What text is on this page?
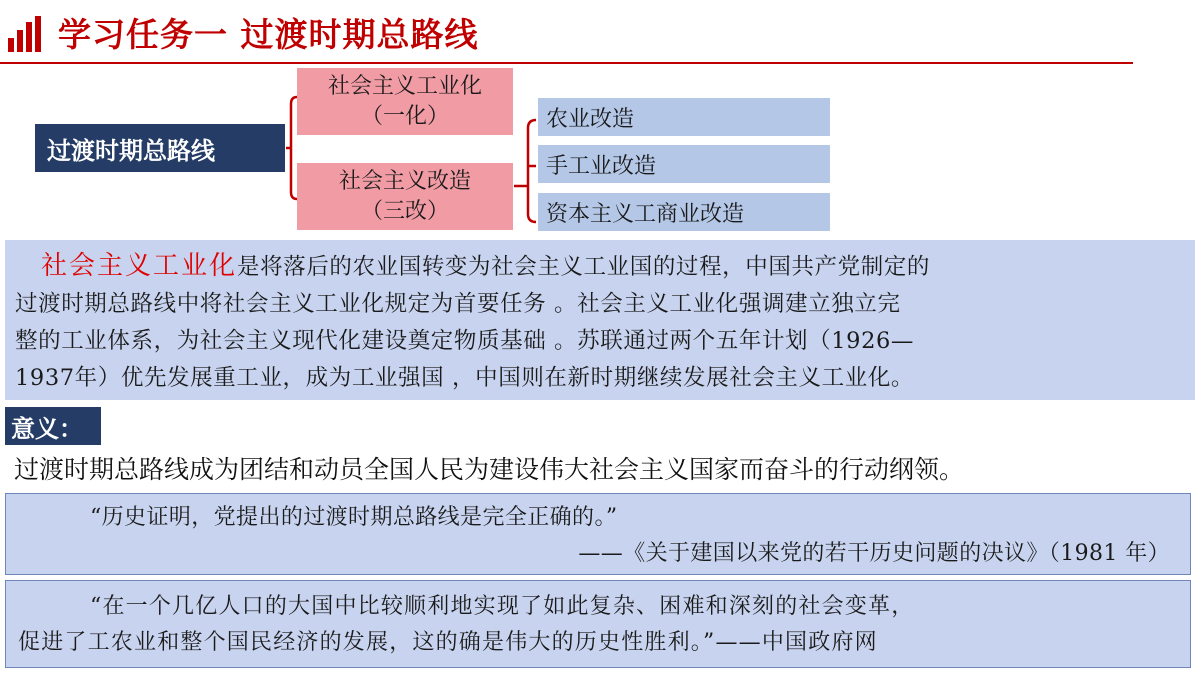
学习任务一 过渡时期总路线
过渡时期总路线
社会主义工业化
（一化）
社会主义改造
（三改）
农业改造
手工业改造
资本主义工商业改造
社会主义工业化是将落后的农业国转变为社会主义工业国的过程，中国共产党制定的
过渡时期总路线中将社会主义工业化规定为首要任务 。社会主义工业化强调建立独立完
整的工业体系，为社会主义现代化建设奠定物质基础 。苏联通过两个五年计划（1926—
1937年）优先发展重工业，成为工业强国 ，中国则在新时期继续发展社会主义工业化。
意义：
过渡时期总路线成为团结和动员全国人民为建设伟大社会主义国家而奋斗的行动纲领。
“历史证明，党提出的过渡时期总路线是完全正确的。”
——《关于建国以来党的若干历史问题的决议》（1981 年）
“在一个几亿人口的大国中比较顺利地实现了如此复杂、困难和深刻的社会变革，
促进了工农业和整个国民经济的发展，这的确是伟大的历史性胜利。”——中国政府网
